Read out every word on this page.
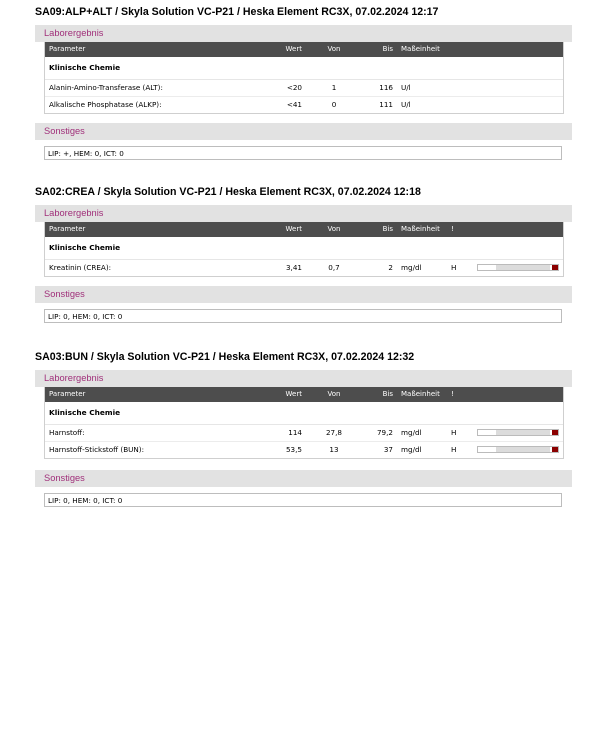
SA09:ALP+ALT / Skyla Solution VC-P21 / Heska Element RC3X, 07.02.2024 12:17
Laborergebnis
Parameter	Wert	Von	Bis Maßeinheit
Klinische Chemie
Alanin-Amino-Transferase (ALT):	<20	1	116 U/l
Alkalische Phosphatase (ALKP):	<41	0	111 U/l
Sonstiges
LIP: +, HEM: 0, ICT: 0
SA02:CREA / Skyla Solution VC-P21 / Heska Element RC3X, 07.02.2024 12:18
Laborergebnis
Parameter	Wert	Von	Bis Maßeinheit !
Klinische Chemie
Kreatinin (CREA):	3,41	0,7	2 mg/dl	H
Sonstiges
LIP: 0, HEM: 0, ICT: 0
SA03:BUN / Skyla Solution VC-P21 / Heska Element RC3X, 07.02.2024 12:32
Laborergebnis
Parameter	Wert	Von	Bis Maßeinheit !
Klinische Chemie
Harnstoff:	114	27,8	79,2 mg/dl	H
Harnstoff-Stickstoff (BUN):	53,5	13	37 mg/dl	H
Sonstiges
LIP: 0, HEM: 0, ICT: 0
